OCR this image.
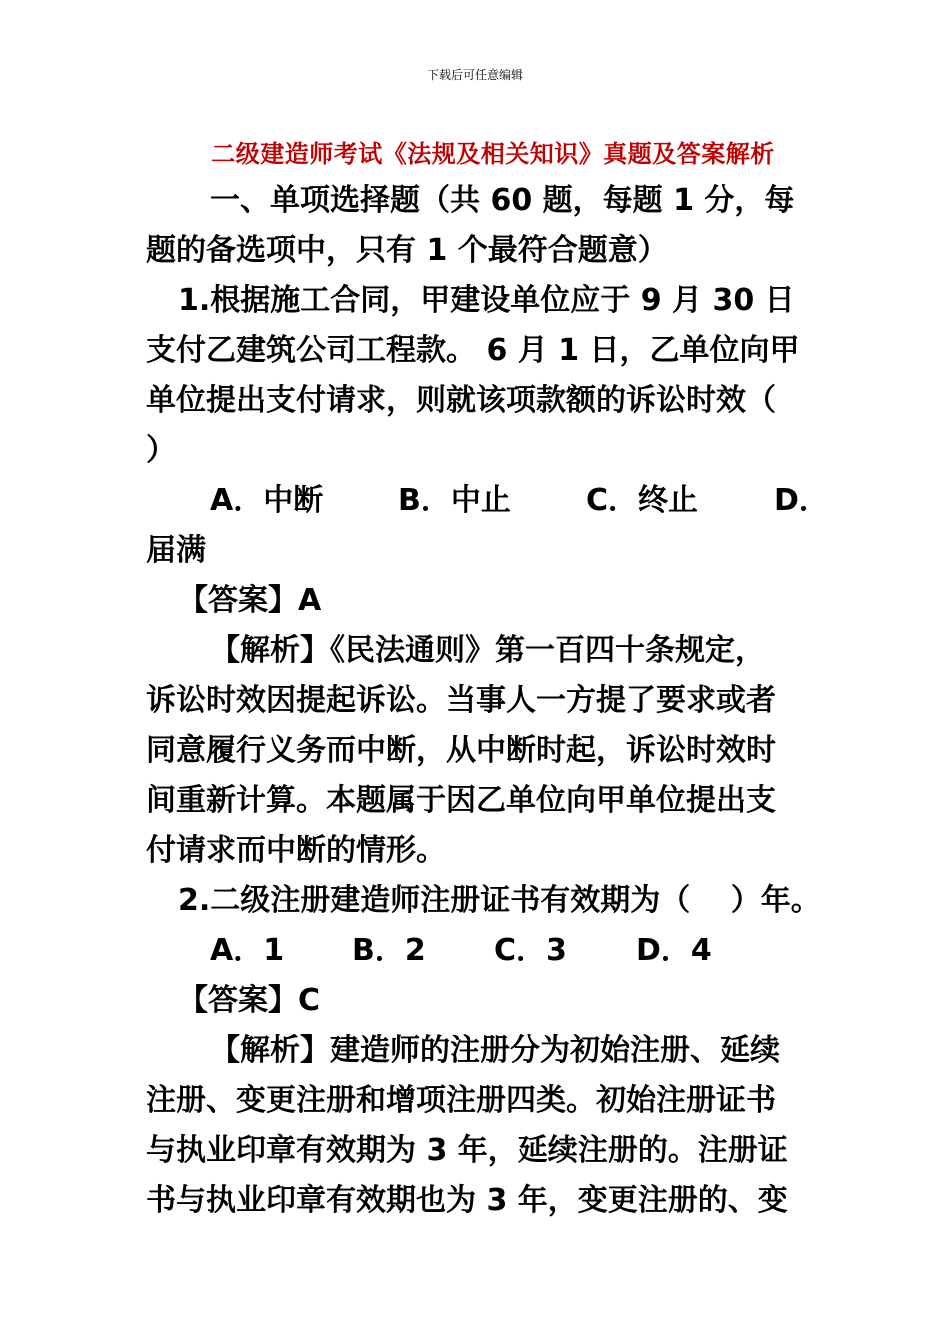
下载后可任意编辑
二级建造师考试《法规及相关知识》真题及答案解析
一、单项选择题（共 60 题，每题 1 分，每
题的备选项中，只有 1 个最符合题意）
1.根据施工合同，甲建设单位应于 9 月 30 日
支付乙建筑公司工程款。 6 月 1 日，乙单位向甲
单位提出支付请求，则就该项款额的诉讼时效（
）
A．中断 B．中止	C．终止	D．
届满
【答案】A
【解析】《民法通则》第一百四十条规定，
诉讼时效因提起诉讼。当事人一方提了要求或者
同意履行义务而中断，从中断时起，诉讼时效时
间重新计算。本题属于因乙单位向甲单位提出支
付请求而中断的情形。
2.二级注册建造师注册证书有效期为（　 ）年。
A．1 B．2 C．3 D．4
【答案】C
【解析】建造师的注册分为初始注册、延续
注册、变更注册和增项注册四类。初始注册证书
与执业印章有效期为 3 年，延续注册的。注册证
书与执业印章有效期也为 3 年，变更注册的、变
